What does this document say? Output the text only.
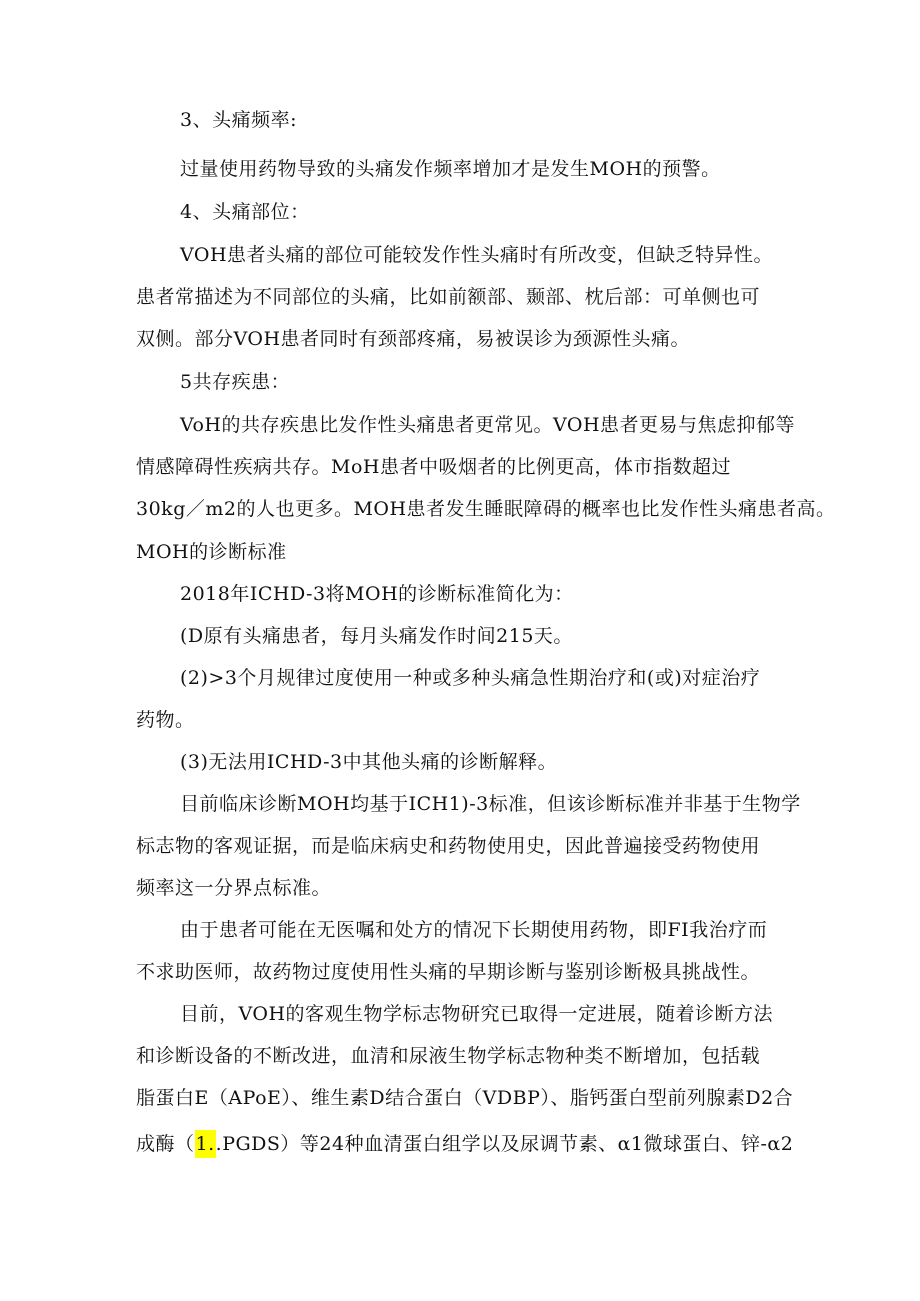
3、头痛频率:
过量使用药物导致的头痛发作频率增加才是发生MOH的预警。
4、头痛部位：
VOH患者头痛的部位可能较发作性头痛时有所改变，但缺乏特异性。
患者常描述为不同部位的头痛，比如前额部、颞部、枕后部：可单侧也可
双侧。部分VOH患者同时有颈部疼痛，易被误诊为颈源性头痛。
5共存疾患：
VoH的共存疾患比发作性头痛患者更常见。VOH患者更易与焦虑抑郁等
情感障碍性疾病共存。MoH患者中吸烟者的比例更高，体市指数超过
30kg／m2的人也更多。MOH患者发生睡眠障碍的概率也比发作性头痛患者高。
MOH的诊断标准
2018年ICHD-3将MOH的诊断标准简化为：
(D原有头痛患者，每月头痛发作时间215天。
(2)>3个月规律过度使用一种或多种头痛急性期治疗和(或)对症治疗
药物。
(3)无法用ICHD-3中其他头痛的诊断解释。
目前临床诊断MOH均基于ICH1)-3标准，但该诊断标准并非基于生物学
标志物的客观证据，而是临床病史和药物使用史，因此普遍接受药物使用
频率这一分界点标准。
由于患者可能在无医嘱和处方的情况下长期使用药物，即FI我治疗而
不求助医师，故药物过度使用性头痛的早期诊断与鉴别诊断极具挑战性。
目前，VOH的客观生物学标志物研究已取得一定进展，随着诊断方法
和诊断设备的不断改进，血清和尿液生物学标志物种类不断增加，包括载
脂蛋白E（APoE）、维生素D结合蛋白（VDBP）、脂钙蛋白型前列腺素D2合
成酶（1..PGDS）等24种血清蛋白组学以及尿调节素、α1微球蛋白、锌-α2
